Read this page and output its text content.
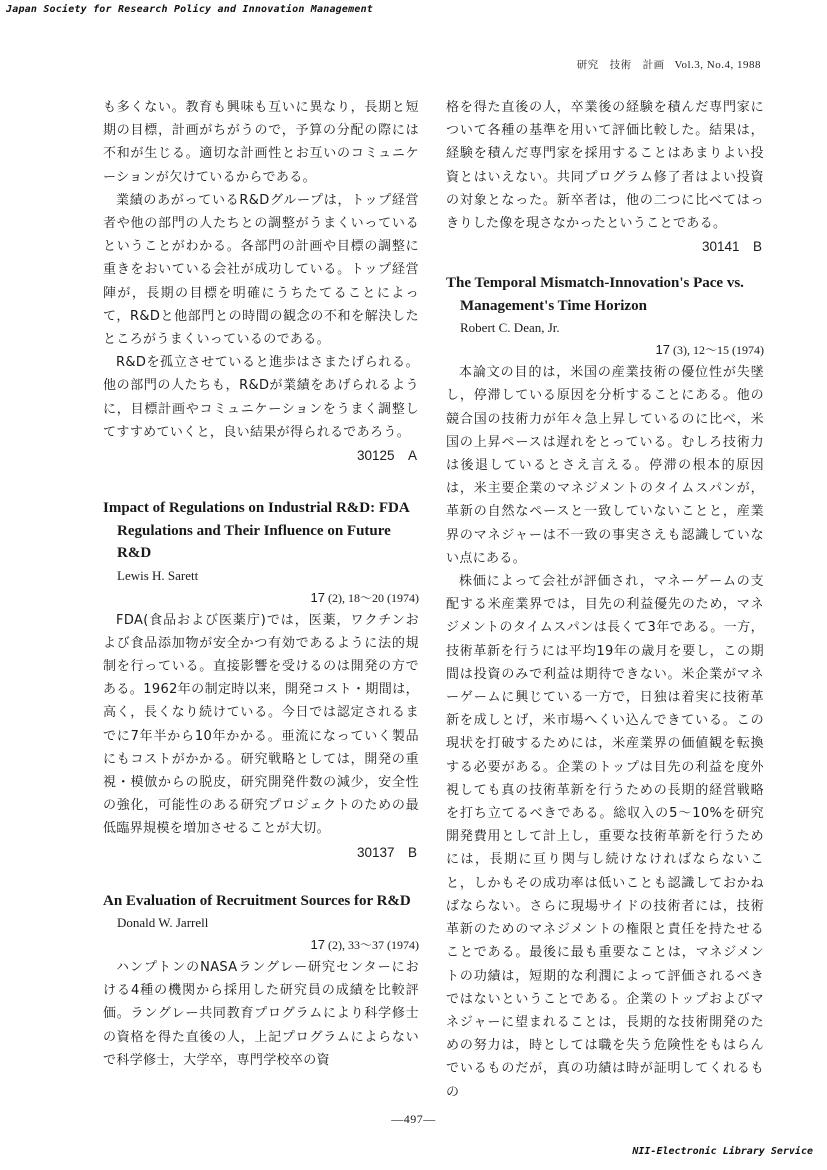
Japan Society for Research Policy and Innovation Management
研究　技術　計画 Vol.3, No.4, 1988

も多くない。教育も興味も互いに異なり，長期と短期の目標，計画がちがうので，予算の分配の際には不和が生じる。適切な計画性とお互いのコミュニケーションが欠けているからである。

業績のあがっているR&Dグループは，トップ経営者や他の部門の人たちとの調整がうまくいっているということがわかる。各部門の計画や目標の調整に重きをおいている会社が成功している。トップ経営陣が，長期の目標を明確にうちたてることによって，R&Dと他部門との時間の観念の不和を解決したところがうまくいっているのである。

R&Dを孤立させていると進歩はさまたげられる。他の部門の人たちも，R&Dが業績をあげられるように，目標計画やコミュニケーションをうまく調整してすすめていくと，良い結果が得られるであろう。

30125　A

Impact of Regulations on Industrial R&D: FDA Regulations and Their Influence on Future R&D

Lewis H. Sarett

17 (2), 18～20 (1974)

FDA(食品および医薬庁)では，医薬，ワクチンおよび食品添加物が安全かつ有効であるように法的規制を行っている。直接影響を受けるのは開発の方である。1962年の制定時以来，開発コスト・期間は，高く，長くなり続けている。今日では認定されるまでに7年半から10年かかる。亜流になっていく製品にもコストがかかる。研究戦略としては，開発の重視・模倣からの脱皮，研究開発件数の減少，安全性の強化，可能性のある研究プロジェクトのための最低臨界規模を増加させることが大切。

30137　B

An Evaluation of Recruitment Sources for R&D

Donald W. Jarrell

17 (2), 33～37 (1974)

ハンプトンのNASAラングレー研究センターにおける4種の機関から採用した研究員の成績を比較評価。ラングレー共同教育プログラムにより科学修士の資格を得た直後の人，上記プログラムによらないで科学修士，大学卒，専門学校卒の資

格を得た直後の人，卒業後の経験を積んだ専門家について各種の基準を用いて評価比較した。結果は，経験を積んだ専門家を採用することはあまりよい投資とはいえない。共同プログラム修了者はよい投資の対象となった。新卒者は，他の二つに比べてはっきりした像を現さなかったということである。

30141　B

The Temporal Mismatch-Innovation's Pace vs. Management's Time Horizon

Robert C. Dean, Jr.

17 (3), 12～15 (1974)

本論文の目的は，米国の産業技術の優位性が失墜し，停滞している原因を分析することにある。他の競合国の技術力が年々急上昇しているのに比べ，米国の上昇ペースは遅れをとっている。むしろ技術力は後退しているとさえ言える。停滞の根本的原因は，米主要企業のマネジメントのタイムスパンが，革新の自然なペースと一致していないことと，産業界のマネジャーは不一致の事実さえも認識していない点にある。

株価によって会社が評価され，マネーゲームの支配する米産業界では，目先の利益優先のため，マネジメントのタイムスパンは長くて3年である。一方，技術革新を行うには平均19年の歳月を要し，この期間は投資のみで利益は期待できない。米企業がマネーゲームに興じている一方で，日独は着実に技術革新を成しとげ，米市場へくい込んできている。この現状を打破するためには，米産業界の価値観を転換する必要がある。企業のトップは目先の利益を度外視しても真の技術革新を行うための長期的経営戦略を打ち立てるべきである。総収入の5～10%を研究開発費用として計上し，重要な技術革新を行うためには，長期に亘り関与し続けなければならないこと，しかもその成功率は低いことも認識しておかねばならない。さらに現場サイドの技術者には，技術革新のためのマネジメントの権限と責任を持たせることである。最後に最も重要なことは，マネジメントの功績は，短期的な利潤によって評価されるべきではないということである。企業のトップおよびマネジャーに望まれることは，長期的な技術開発のための努力は，時としては職を失う危険性をもはらんでいるものだが，真の功績は時が証明してくれるもの

―497―
NII-Electronic Library Service
